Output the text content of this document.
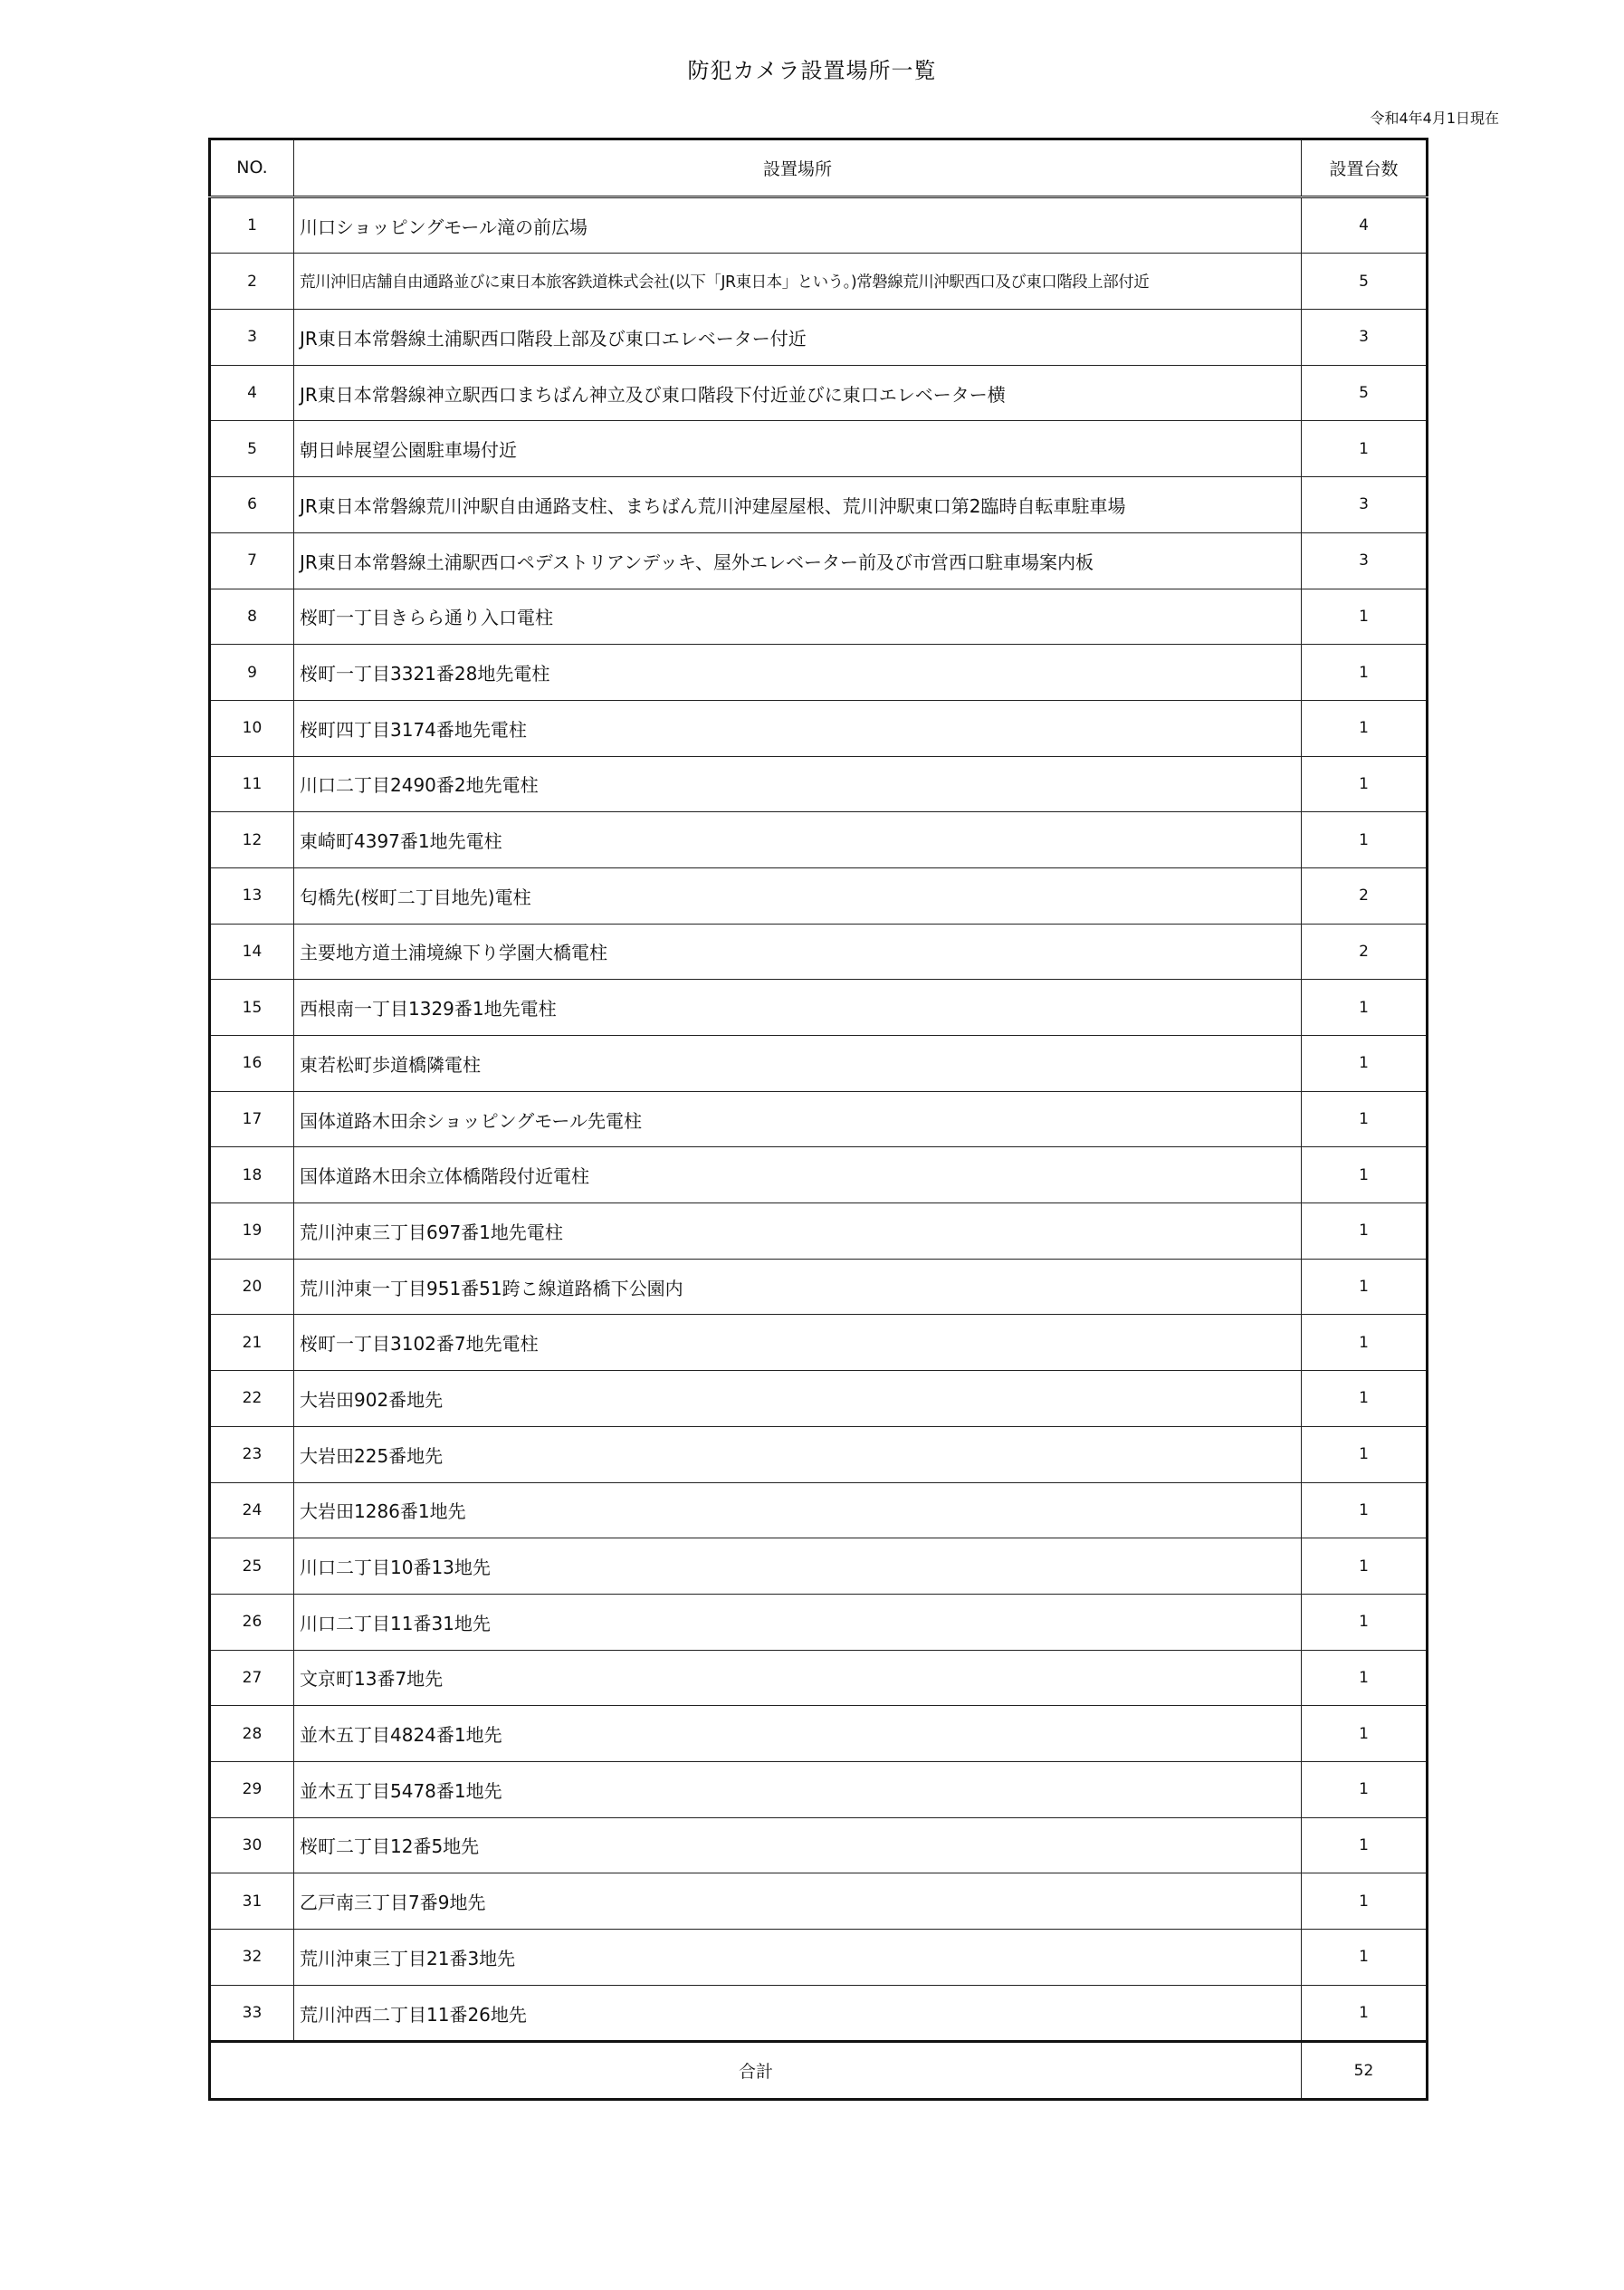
防犯カメラ設置場所一覧
令和4年4月1日現在
NO.	設置場所	設置台数
1	川口ショッピングモール滝の前広場	4
2	荒川沖旧店舗自由通路並びに東日本旅客鉄道株式会社(以下「JR東日本」という。)常磐線荒川沖駅西口及び東口階段上部付近	5
3	JR東日本常磐線土浦駅西口階段上部及び東口エレベーター付近	3
4	JR東日本常磐線神立駅西口まちばん神立及び東口階段下付近並びに東口エレベーター横	5
5	朝日峠展望公園駐車場付近	1
6	JR東日本常磐線荒川沖駅自由通路支柱、まちばん荒川沖建屋屋根、荒川沖駅東口第2臨時自転車駐車場	3
7	JR東日本常磐線土浦駅西口ペデストリアンデッキ、屋外エレベーター前及び市営西口駐車場案内板	3
8	桜町一丁目きらら通り入口電柱	1
9	桜町一丁目3321番28地先電柱	1
10	桜町四丁目3174番地先電柱	1
11	川口二丁目2490番2地先電柱	1
12	東崎町4397番1地先電柱	1
13	匂橋先(桜町二丁目地先)電柱	2
14	主要地方道土浦境線下り学園大橋電柱	2
15	西根南一丁目1329番1地先電柱	1
16	東若松町歩道橋隣電柱	1
17	国体道路木田余ショッピングモール先電柱	1
18	国体道路木田余立体橋階段付近電柱	1
19	荒川沖東三丁目697番1地先電柱	1
20	荒川沖東一丁目951番51跨こ線道路橋下公園内	1
21	桜町一丁目3102番7地先電柱	1
22	大岩田902番地先	1
23	大岩田225番地先	1
24	大岩田1286番1地先	1
25	川口二丁目10番13地先	1
26	川口二丁目11番31地先	1
27	文京町13番7地先	1
28	並木五丁目4824番1地先	1
29	並木五丁目5478番1地先	1
30	桜町二丁目12番5地先	1
31	乙戸南三丁目7番9地先	1
32	荒川沖東三丁目21番3地先	1
33	荒川沖西二丁目11番26地先	1
合計		52
